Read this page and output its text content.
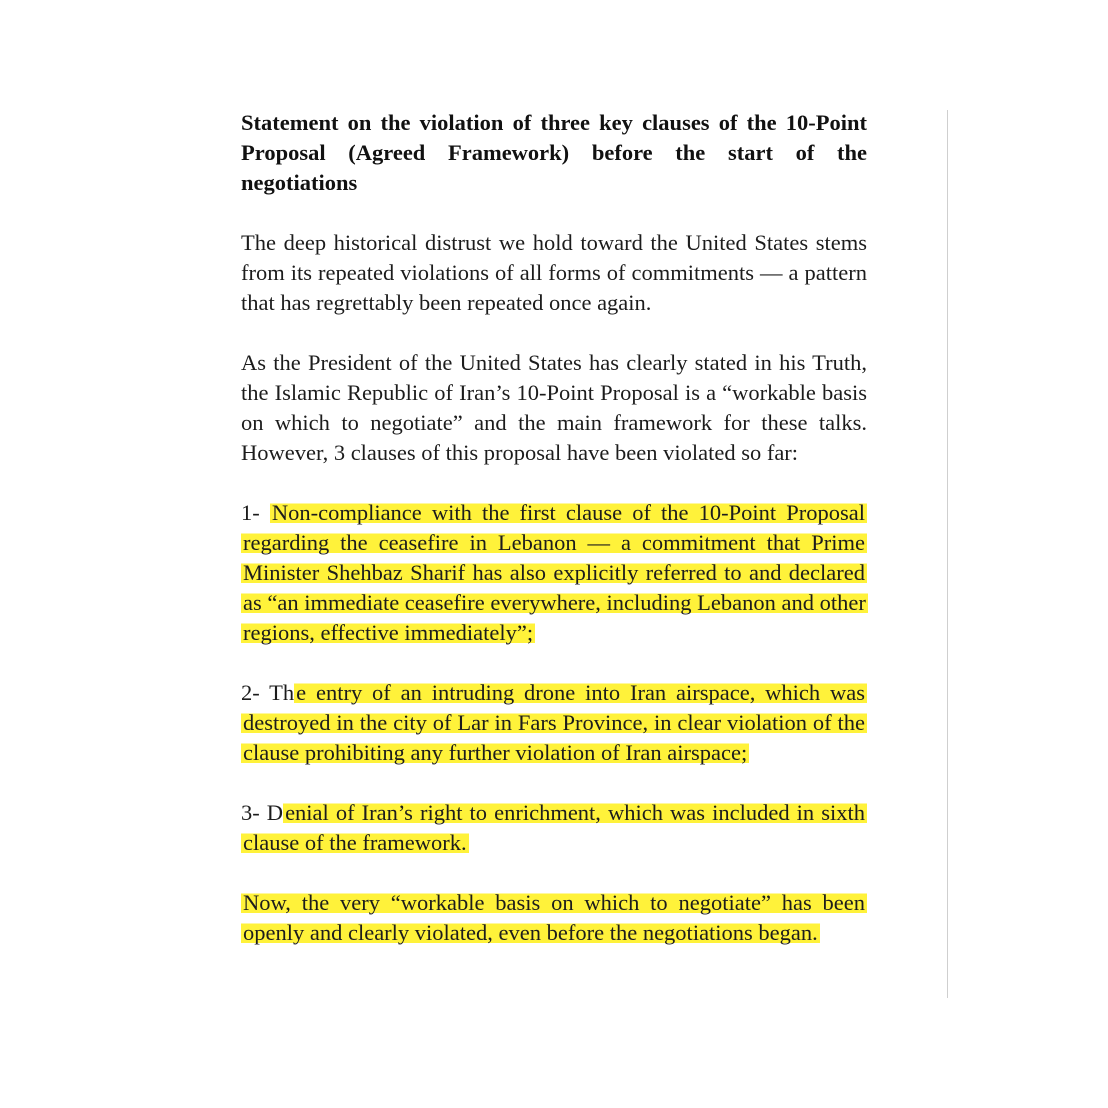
Statement on the violation of three key clauses of the 10-Point Proposal (Agreed Framework) before the start of the negotiations

The deep historical distrust we hold toward the United States stems from its repeated violations of all forms of commitments — a pattern that has regrettably been repeated once again.

As the President of the United States has clearly stated in his Truth, the Islamic Republic of Iran’s 10-Point Proposal is a “workable basis on which to negotiate” and the main framework for these talks. However, 3 clauses of this proposal have been violated so far:

1- Non-compliance with the first clause of the 10-Point Proposal regarding the ceasefire in Lebanon — a commitment that Prime Minister Shehbaz Sharif has also explicitly referred to and declared as “an immediate ceasefire everywhere, including Lebanon and other regions, effective immediately”;

2- The entry of an intruding drone into Iran airspace, which was destroyed in the city of Lar in Fars Province, in clear violation of the clause prohibiting any further violation of Iran airspace;

3- Denial of Iran’s right to enrichment, which was included in sixth clause of the framework.

Now, the very “workable basis on which to negotiate” has been openly and clearly violated, even before the negotiations began.
